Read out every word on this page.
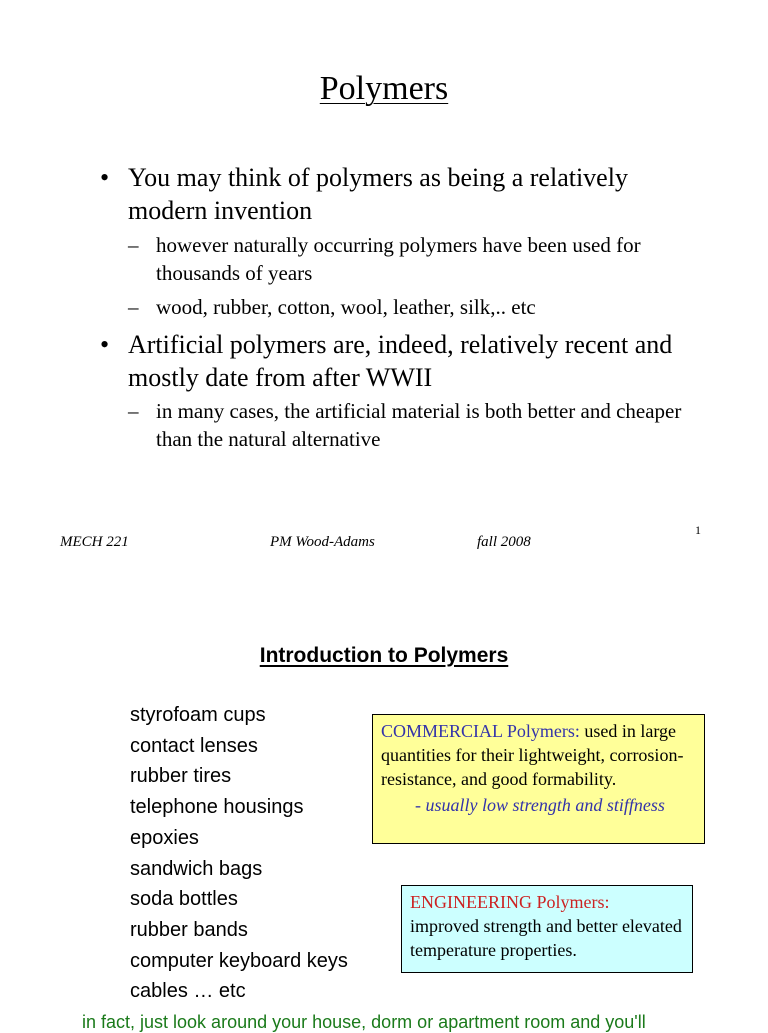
Polymers
• You may think of polymers as being a relatively modern invention
– however naturally occurring polymers have been used for thousands of years
– wood, rubber, cotton, wool, leather, silk,.. etc
• Artificial polymers are, indeed, relatively recent and mostly date from after WWII
– in many cases, the artificial material is both better and cheaper than the natural alternative
MECH 221	PM Wood-Adams	fall 2008
1
Introduction to Polymers
styrofoam cups
contact lenses
rubber tires
telephone housings
epoxies
sandwich bags
soda bottles
rubber bands
computer keyboard keys
cables … etc
COMMERCIAL Polymers: used in large quantities for their lightweight, corrosion-resistance, and good formability.
- usually low strength and stiffness
ENGINEERING Polymers:
improved strength and better elevated temperature properties.
in fact, just look around your house, dorm or apartment room and you'll
